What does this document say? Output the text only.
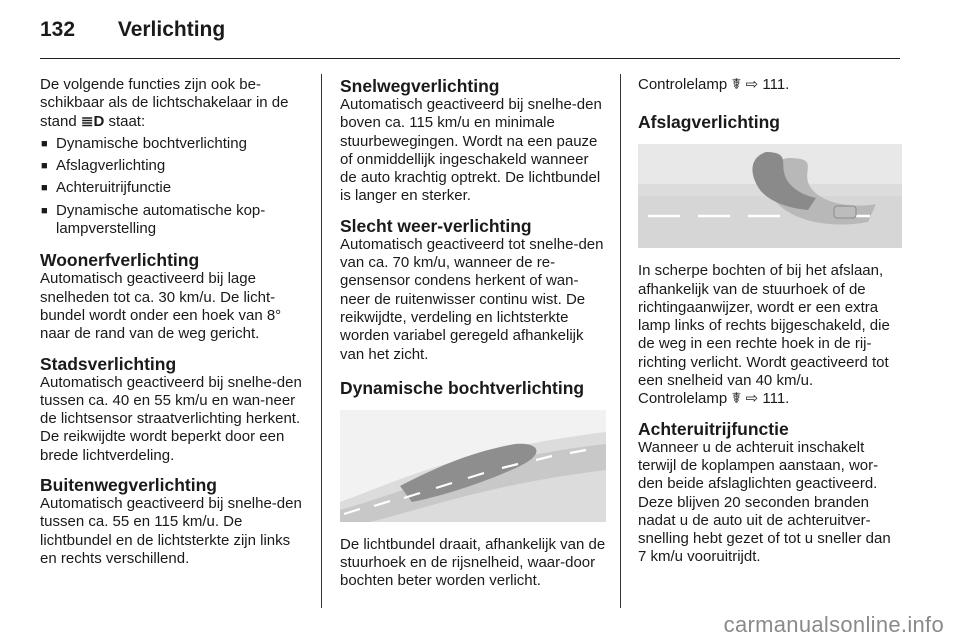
132 Verlichting

De volgende functies zijn ook be-schikbaar als de lichtschakelaar in de stand ≣D staat:

■ Dynamische bochtverlichting
■ Afslagverlichting
■ Achteruitrijfunctie
■ Dynamische automatische kop-lampverstelling
Woonerfverlichting

Automatisch geactiveerd bij lage snelheden tot ca. 30 km/u. De licht-bundel wordt onder een hoek van 8° naar de rand van de weg gericht.

Stadsverlichting

Automatisch geactiveerd bij snelhe-den tussen ca. 40 en 55 km/u en wan-neer de lichtsensor straatverlichting herkent. De reikwijdte wordt beperkt door een brede lichtverdeling.

Buitenwegverlichting

Automatisch geactiveerd bij snelhe-den tussen ca. 55 en 115 km/u. De lichtbundel en de lichtsterkte zijn links en rechts verschillend.

Snelwegverlichting

Automatisch geactiveerd bij snelhe-den boven ca. 115 km/u en minimale stuurbewegingen. Wordt na een pauze of onmiddellijk ingeschakeld wanneer de auto krachtig optrekt. De lichtbundel is langer en sterker.

Slecht weer-verlichting

Automatisch geactiveerd tot snelhe-den van ca. 70 km/u, wanneer de re-gensensor condens herkent of wan-neer de ruitenwisser continu wist. De reikwijdte, verdeling en lichtsterkte worden variabel geregeld afhankelijk van het zicht.

Dynamische bochtverlichting

De lichtbundel draait, afhankelijk van de stuurhoek en de rijsnelheid, waar-door bochten beter worden verlicht.

Controlelamp ☤ ⇨ 111.

Afslagverlichting

In scherpe bochten of bij het afslaan, afhankelijk van de stuurhoek of de richtingaanwijzer, wordt er een extra lamp links of rechts bijgeschakeld, die de weg in een rechte hoek in de rij-richting verlicht. Wordt geactiveerd tot een snelheid van 40 km/u.

Controlelamp ☤ ⇨ 111.

Achteruitrijfunctie

Wanneer u de achteruit inschakelt terwijl de koplampen aanstaan, wor-den beide afslaglichten geactiveerd. Deze blijven 20 seconden branden nadat u de auto uit de achteruitver-snelling hebt gezet of tot u sneller dan 7 km/u vooruitrijdt.

carmanualsonline.info
